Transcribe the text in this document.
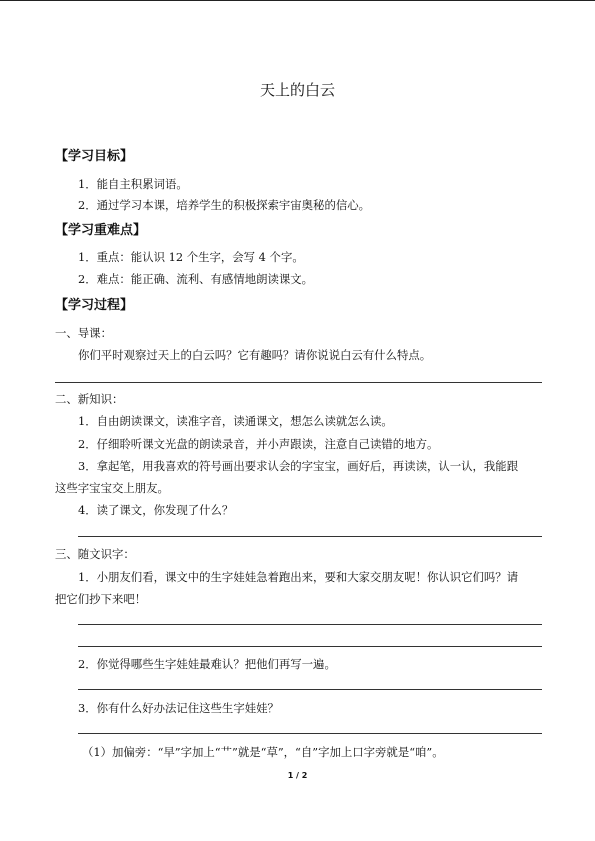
天上的白云
【学习目标】
1．能自主积累词语。
2．通过学习本课，培养学生的积极探索宇宙奥秘的信心。
【学习重难点】
1．重点：能认识 12 个生字，会写 4 个字。
2．难点：能正确、流利、有感情地朗读课文。
【学习过程】
一、导课：
你们平时观察过天上的白云吗？它有趣吗？请你说说白云有什么特点。
二、新知识：
1．自由朗读课文，读准字音，读通课文，想怎么读就怎么读。
2．仔细聆听课文光盘的朗读录音，并小声跟读，注意自己读错的地方。
3．拿起笔，用我喜欢的符号画出要求认会的字宝宝，画好后，再读读，认一认，我能跟
这些字宝宝交上朋友。
4．读了课文，你发现了什么？
三、随文识字：
1．小朋友们看，课文中的生字娃娃急着跑出来，要和大家交朋友呢！你认识它们吗？请
把它们抄下来吧！
2．你觉得哪些生字娃娃最难认？把他们再写一遍。
3．你有什么好办法记住这些生字娃娃？
（1）加偏旁：“早”字加上“艹”就是“草”，“自”字加上口字旁就是“咱”。
1 / 2
